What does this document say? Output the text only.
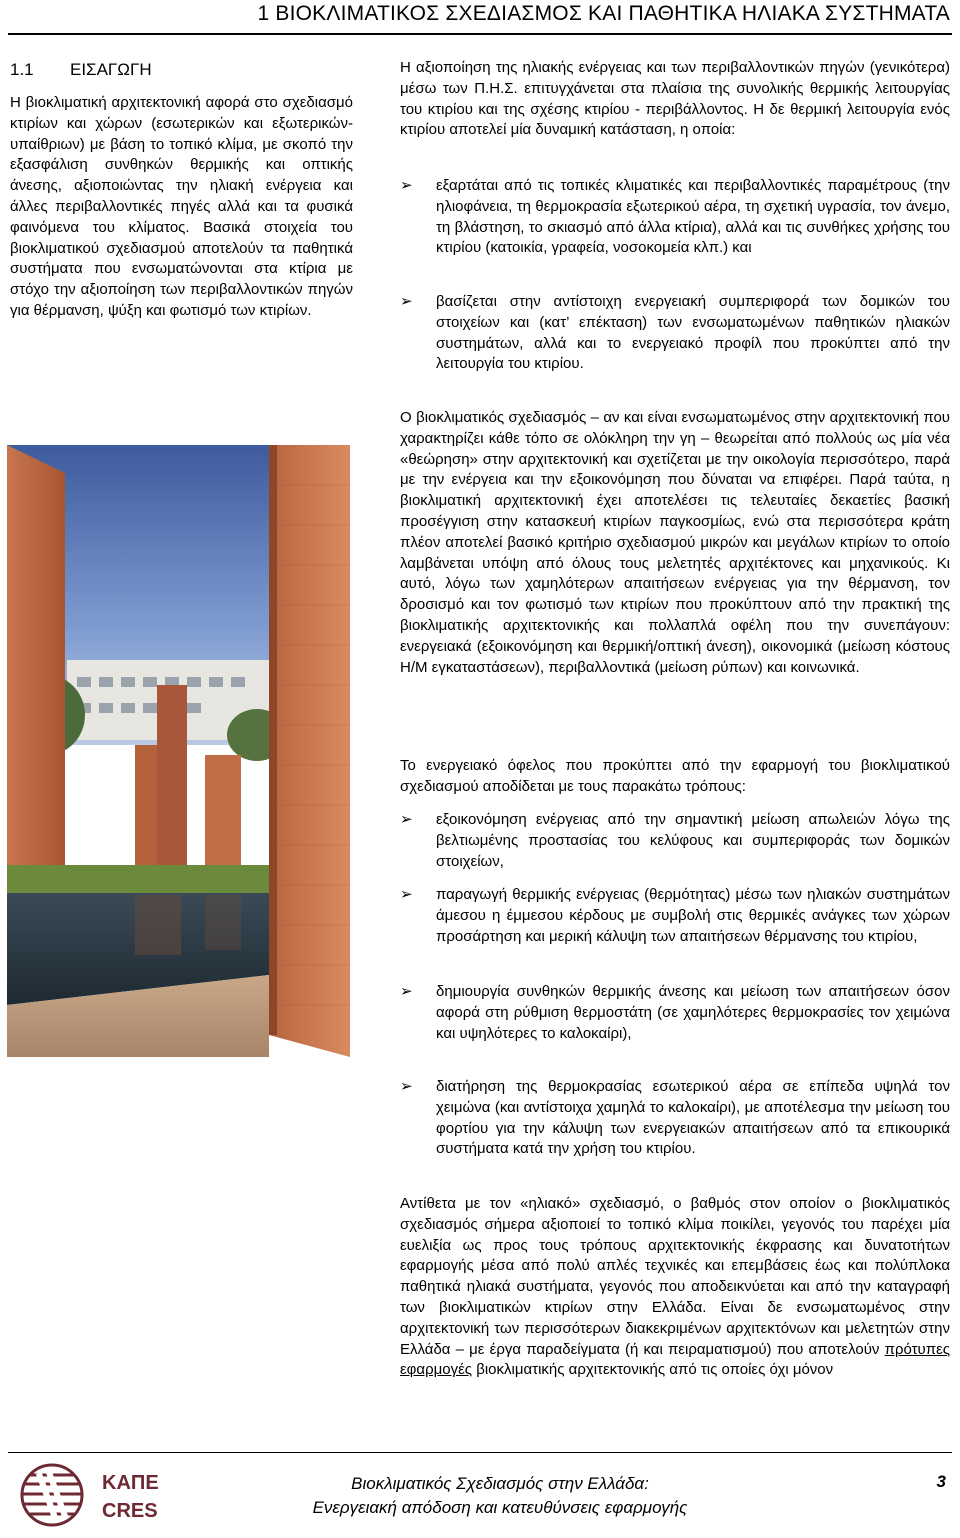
1 ΒΙΟΚΛΙΜΑΤΙΚΟΣ ΣΧΕΔΙΑΣΜΟΣ ΚΑΙ ΠΑΘΗΤΙΚΑ ΗΛΙΑΚΑ ΣΥΣΤΗΜΑΤΑ
1.1 ΕΙΣΑΓΩΓΗ

Η βιοκλιματική αρχιτεκτονική αφορά στο σχεδιασμό κτιρίων και χώρων (εσωτερικών και εξωτερικών-υπαίθριων) με βάση το τοπικό κλίμα, με σκοπό την εξασφάλιση συνθηκών θερμικής και οπτικής άνεσης, αξιοποιώντας την ηλιακή ενέργεια και άλλες περιβαλλοντικές πηγές αλλά και τα φυσικά φαινόμενα του κλίματος. Βασικά στοιχεία του βιοκλιματικού σχεδιασμού αποτελούν τα παθητικά συστήματα που ενσωματώνονται στα κτίρια με στόχο την αξιοποίηση των περιβαλλοντικών πηγών για θέρμανση, ψύξη και φωτισμό των κτιρίων.

Η αξιοποίηση της ηλιακής ενέργειας και των περιβαλλοντικών πηγών (γενικότερα) μέσω των Π.Η.Σ. επιτυγχάνεται στα πλαίσια της συνολικής θερμικής λειτουργίας του κτιρίου και της σχέσης κτιρίου - περιβάλλοντος. Η δε θερμική λειτουργία ενός κτιρίου αποτελεί μία δυναμική κατάσταση, η οποία:

➢	εξαρτάται από τις τοπικές κλιματικές και περιβαλλοντικές παραμέτρους (την ηλιοφάνεια, τη θερμοκρασία εξωτερικού αέρα, τη σχετική υγρασία, τον άνεμο, τη βλάστηση, το σκιασμό από άλλα κτίρια), αλλά και τις συνθήκες χρήσης του κτιρίου (κατοικία, γραφεία, νοσοκομεία κλπ.) και
➢	βασίζεται στην αντίστοιχη ενεργειακή συμπεριφορά των δομικών του στοιχείων και (κατ’ επέκταση) των ενσωματωμένων παθητικών ηλιακών συστημάτων, αλλά και το ενεργειακό προφίλ που προκύπτει από την λειτουργία του κτιρίου.

Ο βιοκλιματικός σχεδιασμός – αν και είναι ενσωματωμένος στην αρχιτεκτονική που χαρακτηρίζει κάθε τόπο σε ολόκληρη την γη – θεωρείται από πολλούς ως μία νέα «θεώρηση» στην αρχιτεκτονική και σχετίζεται με την οικολογία περισσότερο, παρά με την ενέργεια και την εξοικονόμηση που δύναται να επιφέρει. Παρά ταύτα, η βιοκλιματική αρχιτεκτονική έχει αποτελέσει τις τελευταίες δεκαετίες βασική προσέγγιση στην κατασκευή κτιρίων παγκοσμίως, ενώ στα περισσότερα κράτη πλέον αποτελεί βασικό κριτήριο σχεδιασμού μικρών και μεγάλων κτιρίων το οποίο λαμβάνεται υπόψη από όλους τους μελετητές αρχιτέκτονες και μηχανικούς. Κι αυτό, λόγω των χαμηλότερων απαιτήσεων ενέργειας για την θέρμανση, τον δροσισμό και τον φωτισμό των κτιρίων που προκύπτουν από την πρακτική της βιοκλιματικής αρχιτεκτονικής και πολλαπλά οφέλη που την συνεπάγουν: ενεργειακά (εξοικονόμηση και θερμική/οπτική άνεση), οικονομικά (μείωση κόστους Η/Μ εγκαταστάσεων), περιβαλλοντικά (μείωση ρύπων) και κοινωνικά.

Το ενεργειακό όφελος που προκύπτει από την εφαρμογή του βιοκλιματικού σχεδιασμού αποδίδεται με τους παρακάτω τρόπους:

➢	εξοικονόμηση ενέργειας από την σημαντική μείωση απωλειών λόγω της βελτιωμένης προστασίας του κελύφους και συμπεριφοράς των δομικών στοιχείων,
➢	παραγωγή θερμικής ενέργειας (θερμότητας) μέσω των ηλιακών συστημάτων άμεσου η έμμεσου κέρδους με συμβολή στις θερμικές ανάγκες των χώρων προσάρτηση και μερική κάλυψη των απαιτήσεων θέρμανσης του κτιρίου,
➢	δημιουργία συνθηκών θερμικής άνεσης και μείωση των απαιτήσεων όσον αφορά στη ρύθμιση θερμοστάτη (σε χαμηλότερες θερμοκρασίες τον χειμώνα και υψηλότερες το καλοκαίρι),
➢	διατήρηση της θερμοκρασίας εσωτερικού αέρα σε επίπεδα υψηλά τον χειμώνα (και αντίστοιχα χαμηλά το καλοκαίρι), με αποτέλεσμα την μείωση του φορτίου για την κάλυψη των ενεργειακών απαιτήσεων από τα επικουρικά συστήματα κατά την χρήση του κτιρίου.

Αντίθετα με τον «ηλιακό» σχεδιασμό, ο βαθμός στον οποίον ο βιοκλιματικός σχεδιασμός σήμερα αξιοποιεί το τοπικό κλίμα ποικίλει, γεγονός του παρέχει μία ευελιξία ως προς τους τρόπους αρχιτεκτονικής έκφρασης και δυνατοτήτων εφαρμογής μέσα από πολύ απλές τεχνικές και επεμβάσεις έως και πολύπλοκα παθητικά ηλιακά συστήματα, γεγονός που αποδεικνύεται και από την καταγραφή των βιοκλιματικών κτιρίων στην Ελλάδα. Είναι δε ενσωματωμένος στην αρχιτεκτονική των περισσότερων διακεκριμένων αρχιτεκτόνων και μελετητών στην Ελλάδα – με έργα παραδείγματα (ή και πειραματισμού) που αποτελούν πρότυπες εφαρμογές βιοκλιματικής αρχιτεκτονικής από τις οποίες όχι μόνον

ΚΑΠΕ
CRES
Βιοκλιματικός Σχεδιασμός στην Ελλάδα:
Ενεργειακή απόδοση και κατευθύνσεις εφαρμογής
3
